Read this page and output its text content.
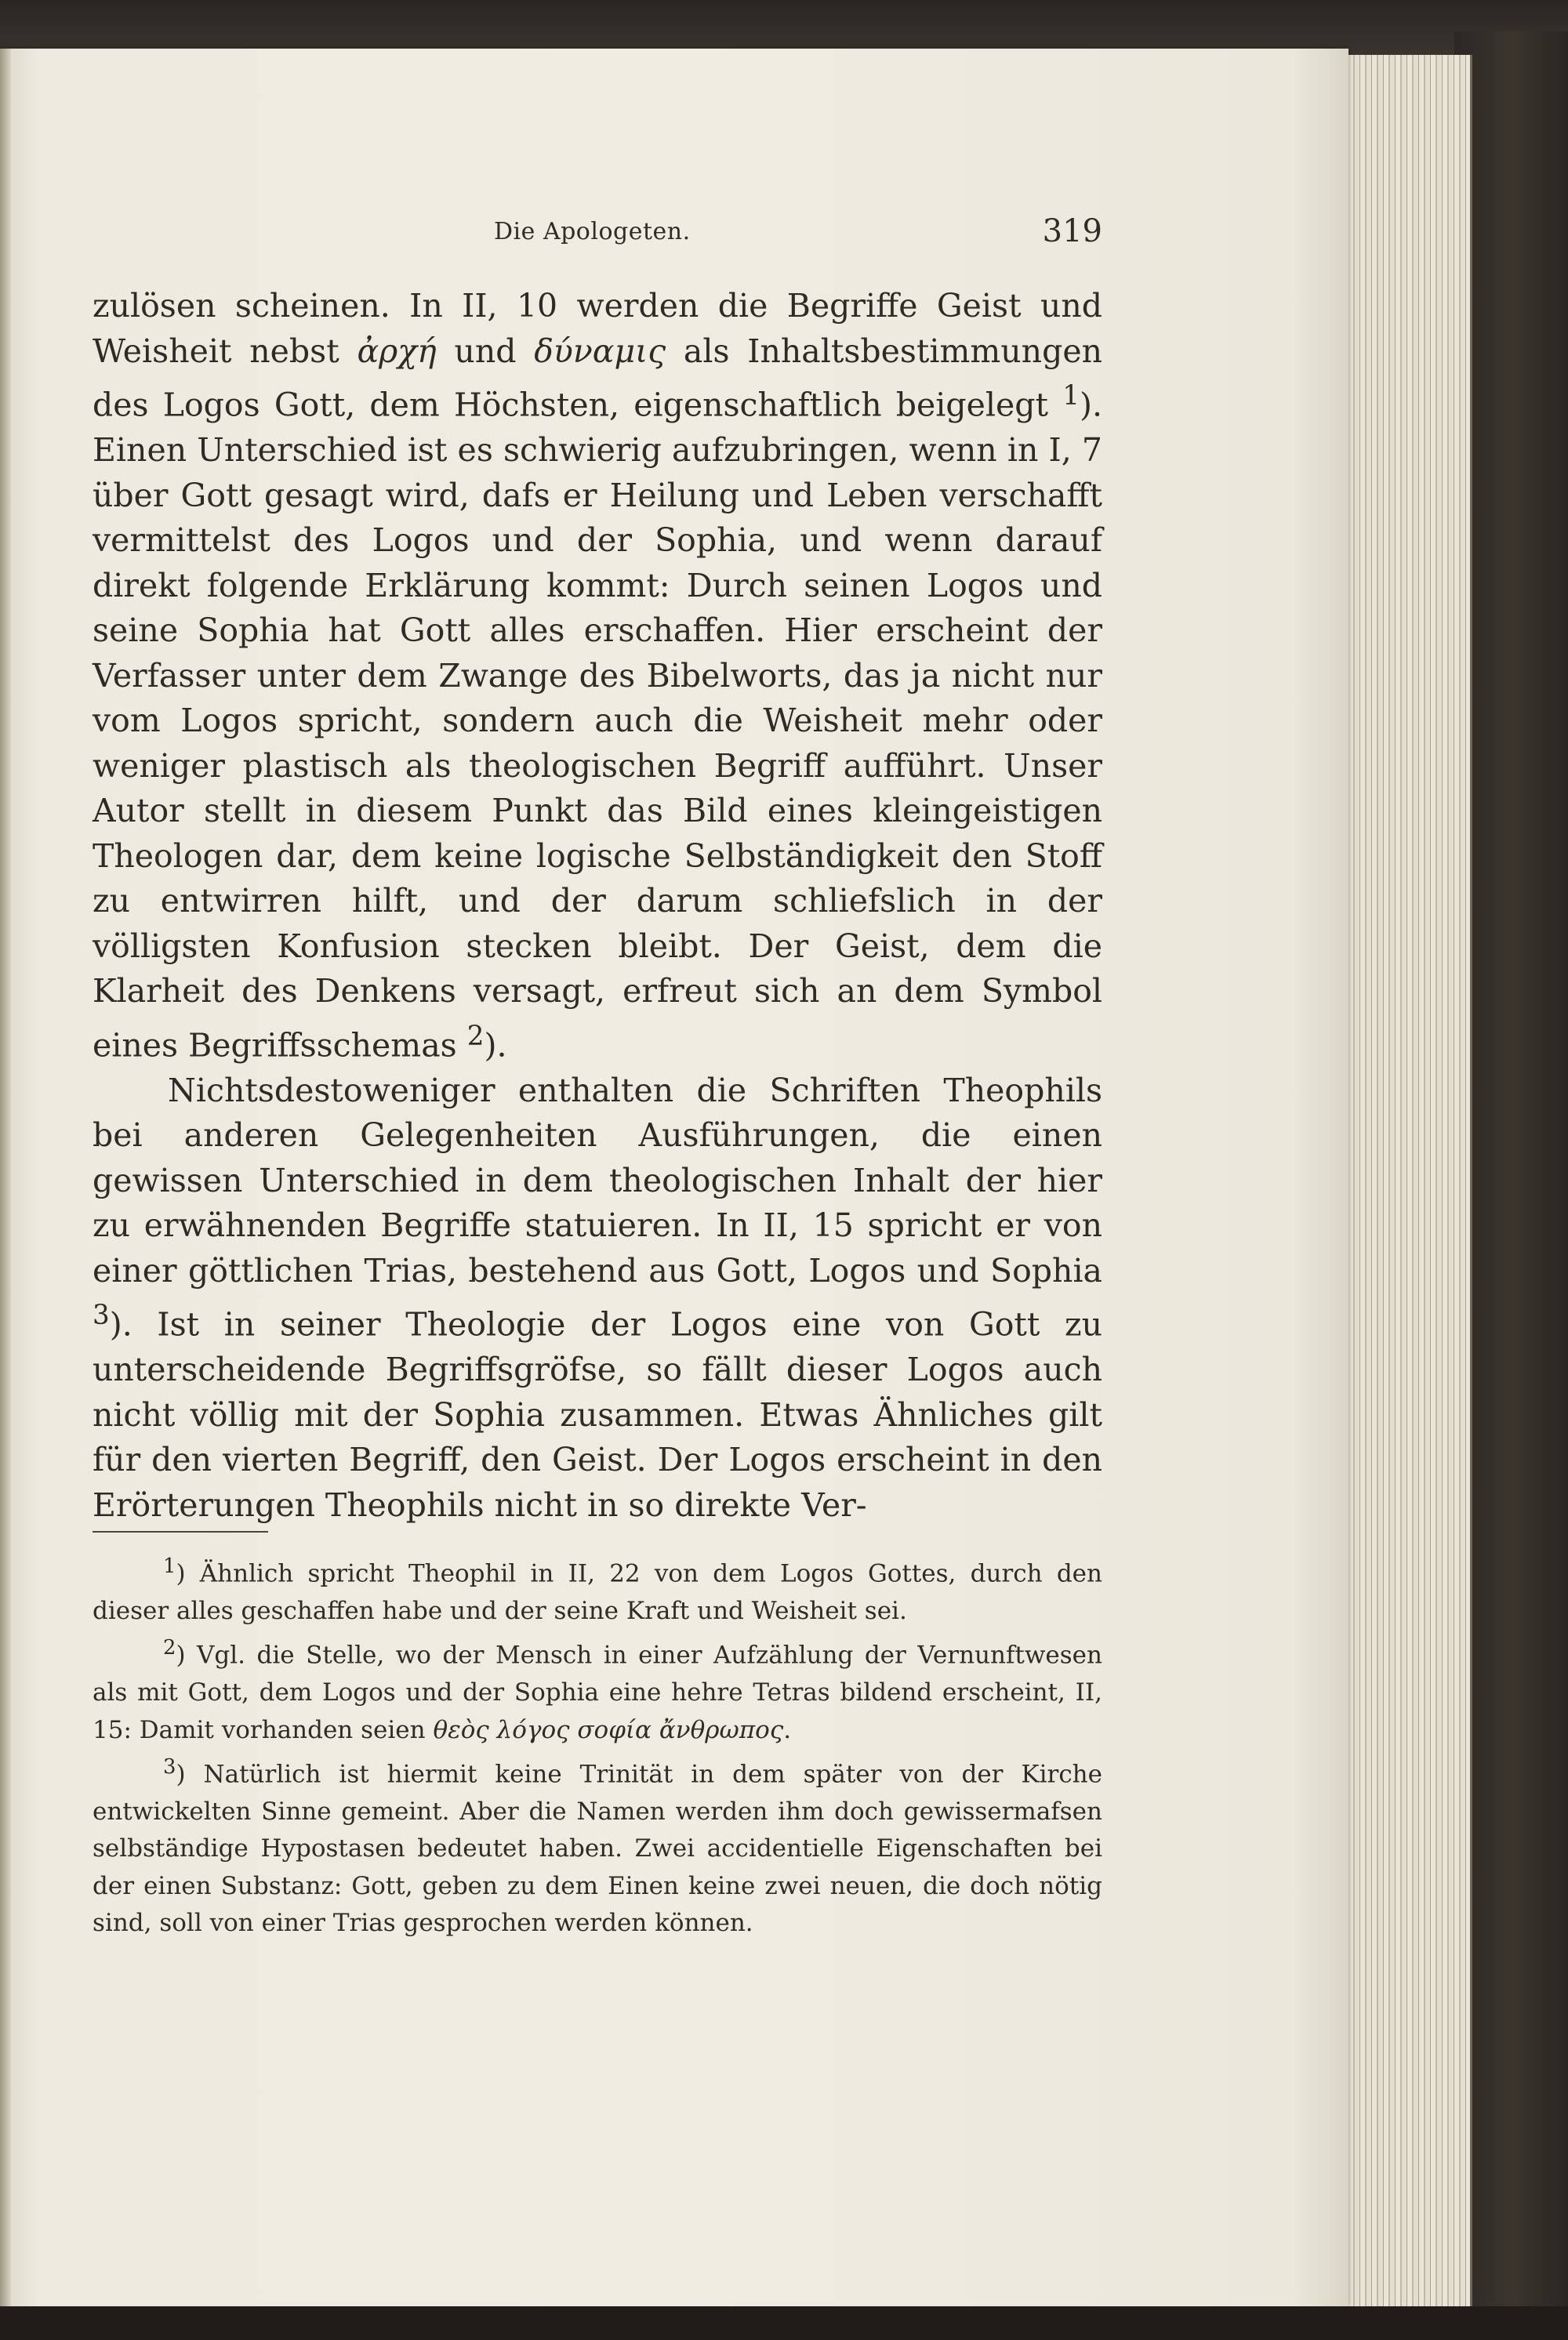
Die Apologeten.	319

zulösen scheinen. In II, 10 werden die Begriffe Geist und Weisheit nebst ἀρχή und δύναμις als Inhaltsbestimmungen des Logos Gott, dem Höchsten, eigenschaftlich beigelegt $^1$). Einen Unterschied ist es schwierig aufzubringen, wenn in I, 7 über Gott gesagt wird, dafs er Heilung und Leben verschafft vermittelst des Logos und der Sophia, und wenn darauf direkt folgende Erklärung kommt: Durch seinen Logos und seine Sophia hat Gott alles erschaffen. Hier erscheint der Verfasser unter dem Zwange des Bibelworts, das ja nicht nur vom Logos spricht, sondern auch die Weisheit mehr oder weniger plastisch als theologischen Begriff aufführt. Unser Autor stellt in diesem Punkt das Bild eines kleingeistigen Theologen dar, dem keine logische Selbständigkeit den Stoff zu entwirren hilft, und der darum schliefslich in der völligsten Konfusion stecken bleibt. Der Geist, dem die Klarheit des Denkens versagt, erfreut sich an dem Symbol eines Begriffsschemas $^2$).

Nichtsdestoweniger enthalten die Schriften Theophils bei anderen Gelegenheiten Ausführungen, die einen gewissen Unterschied in dem theologischen Inhalt der hier zu erwähnenden Begriffe statuieren. In II, 15 spricht er von einer göttlichen Trias, bestehend aus Gott, Logos und Sophia $^3$). Ist in seiner Theologie der Logos eine von Gott zu unterscheidende Begriffsgröfse, so fällt dieser Logos auch nicht völlig mit der Sophia zusammen. Etwas Ähnliches gilt für den vierten Begriff, den Geist. Der Logos erscheint in den Erörterungen Theophils nicht in so direkte Ver-

$^1$) Ähnlich spricht Theophil in II, 22 von dem Logos Gottes, durch den dieser alles geschaffen habe und der seine Kraft und Weisheit sei.

$^2$) Vgl. die Stelle, wo der Mensch in einer Aufzählung der Vernunftwesen als mit Gott, dem Logos und der Sophia eine hehre Tetras bildend erscheint, II, 15: Damit vorhanden seien θεὸς λόγος σοφία ἄνθρωπος.

$^3$) Natürlich ist hiermit keine Trinität in dem später von der Kirche entwickelten Sinne gemeint. Aber die Namen werden ihm doch gewissermafsen selbständige Hypostasen bedeutet haben. Zwei accidentielle Eigenschaften bei der einen Substanz: Gott, geben zu dem Einen keine zwei neuen, die doch nötig sind, soll von einer Trias gesprochen werden können.
